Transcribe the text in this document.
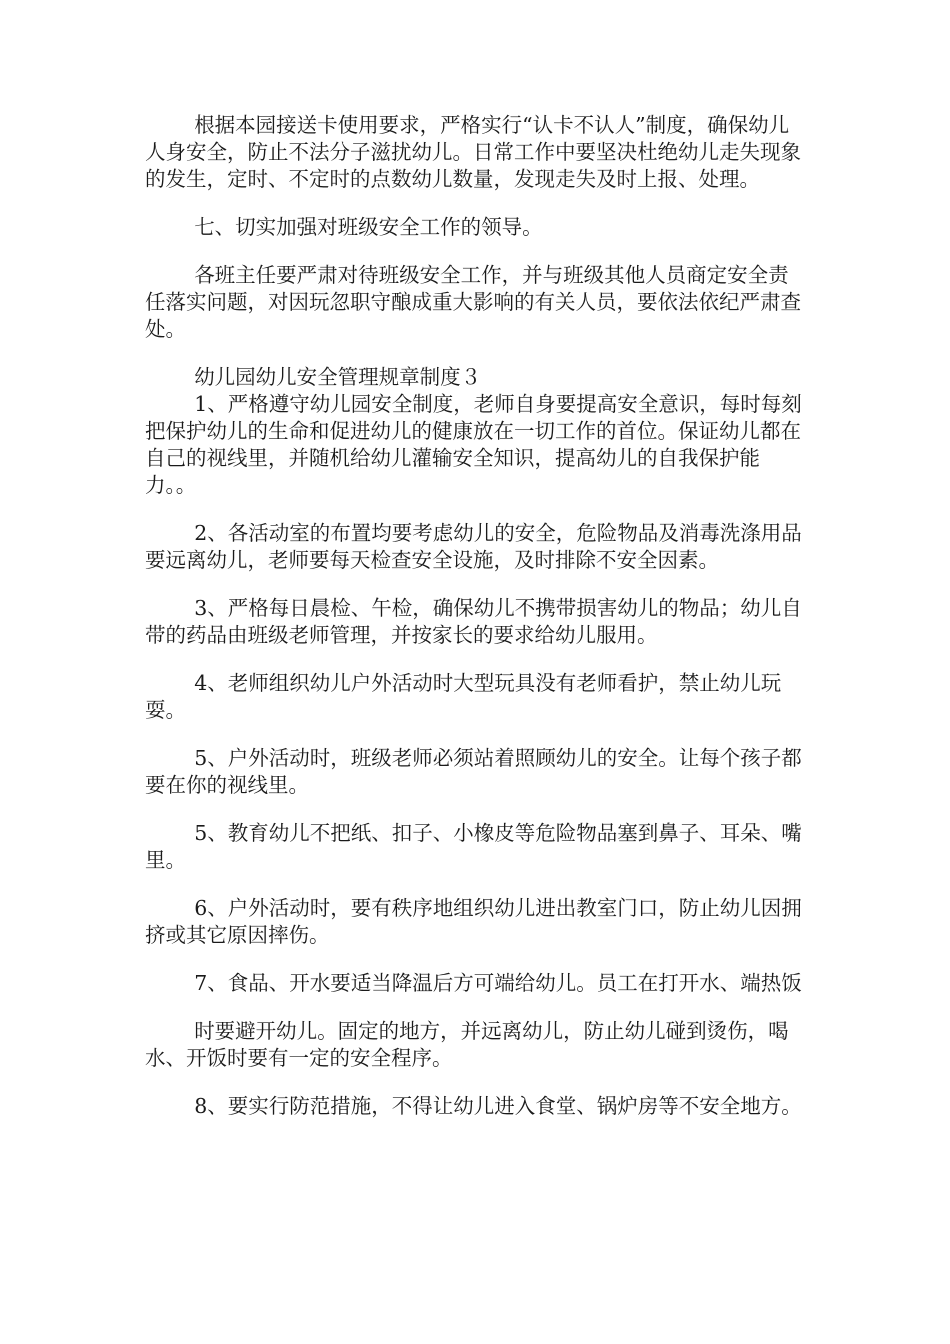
根据本园接送卡使用要求，严格实行“认卡不认人”制度，确保幼儿人身安全，防止不法分子滋扰幼儿。日常工作中要坚决杜绝幼儿走失现象的发生，定时、不定时的点数幼儿数量，发现走失及时上报、处理。

七、切实加强对班级安全工作的领导。

各班主任要严肃对待班级安全工作，并与班级其他人员商定安全责任落实问题，对因玩忽职守酿成重大影响的有关人员，要依法依纪严肃查处。

幼儿园幼儿安全管理规章制度３

1、严格遵守幼儿园安全制度，老师自身要提高安全意识，每时每刻把保护幼儿的生命和促进幼儿的健康放在一切工作的首位。保证幼儿都在自己的视线里，并随机给幼儿灌输安全知识，提高幼儿的自我保护能力。。

2、各活动室的布置均要考虑幼儿的安全，危险物品及消毒洗涤用品要远离幼儿，老师要每天检查安全设施，及时排除不安全因素。

3、严格每日晨检、午检，确保幼儿不携带损害幼儿的物品；幼儿自带的药品由班级老师管理，并按家长的要求给幼儿服用。

4、老师组织幼儿户外活动时大型玩具没有老师看护，禁止幼儿玩耍。

5、户外活动时，班级老师必须站着照顾幼儿的安全。让每个孩子都要在你的视线里。

5、教育幼儿不把纸、扣子、小橡皮等危险物品塞到鼻子、耳朵、嘴里。

6、户外活动时，要有秩序地组织幼儿进出教室门口，防止幼儿因拥挤或其它原因摔伤。

7、食品、开水要适当降温后方可端给幼儿。员工在打开水、端热饭

时要避开幼儿。固定的地方，并远离幼儿，防止幼儿碰到烫伤，喝水、开饭时要有一定的安全程序。

8、要实行防范措施，不得让幼儿进入食堂、锅炉房等不安全地方。
